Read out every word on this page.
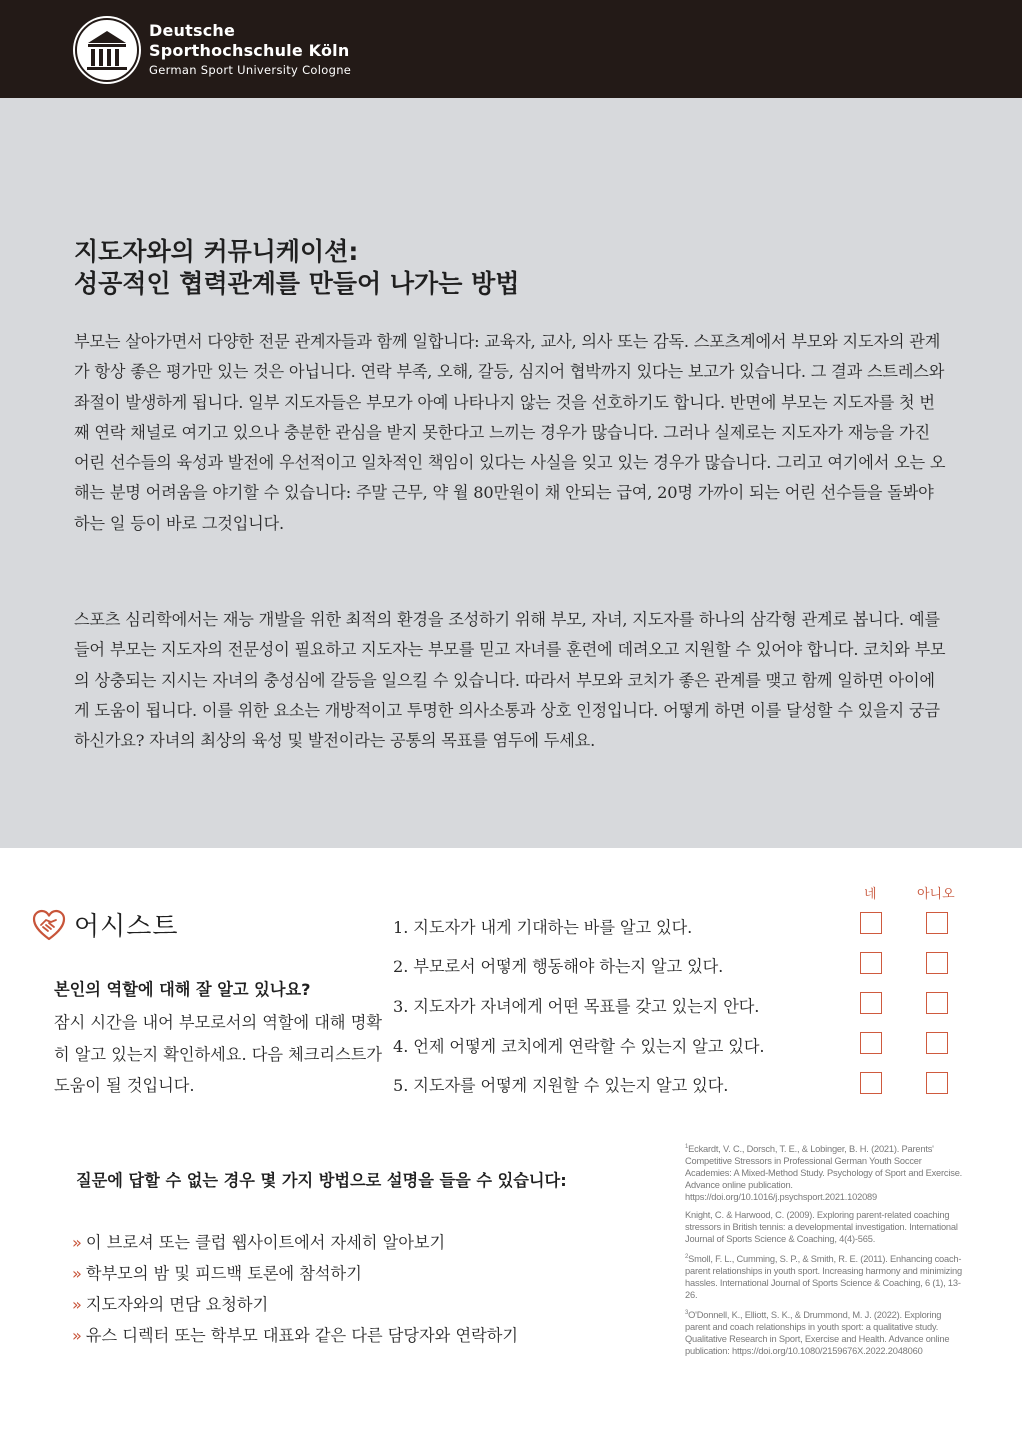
Deutsche
Sporthochschule Köln
German Sport University Cologne
지도자와의 커뮤니케이션:
성공적인 협력관계를 만들어 나가는 방법
부모는 살아가면서 다양한 전문 관계자들과 함께 일합니다: 교육자, 교사, 의사 또는 감독. 스포츠계에서 부모와 지도자의 관계가 항상 좋은 평가만 있는 것은 아닙니다. 연락 부족, 오해, 갈등, 심지어 협박까지 있다는 보고가 있습니다. 그 결과 스트레스와 좌절이 발생하게 됩니다. 일부 지도자들은 부모가 아예 나타나지 않는 것을 선호하기도 합니다. 반면에 부모는 지도자를 첫 번째 연락 채널로 여기고 있으나 충분한 관심을 받지 못한다고 느끼는 경우가 많습니다. 그러나 실제로는 지도자가 재능을 가진 어린 선수들의 육성과 발전에 우선적이고 일차적인 책임이 있다는 사실을 잊고 있는 경우가 많습니다. 그리고 여기에서 오는 오해는 분명 어려움을 야기할 수 있습니다: 주말 근무, 약 월 80만원이 채 안되는 급여, 20명 가까이 되는 어린 선수들을 돌봐야 하는 일 등이 바로 그것입니다.
스포츠 심리학에서는 재능 개발을 위한 최적의 환경을 조성하기 위해 부모, 자녀, 지도자를 하나의 삼각형 관계로 봅니다. 예를 들어 부모는 지도자의 전문성이 필요하고 지도자는 부모를 믿고 자녀를 훈련에 데려오고 지원할 수 있어야 합니다. 코치와 부모의 상충되는 지시는 자녀의 충성심에 갈등을 일으킬 수 있습니다. 따라서 부모와 코치가 좋은 관계를 맺고 함께 일하면 아이에게 도움이 됩니다. 이를 위한 요소는 개방적이고 투명한 의사소통과 상호 인정입니다. 어떻게 하면 이를 달성할 수 있을지 궁금하신가요? 자녀의 최상의 육성 및 발전이라는 공통의 목표를 염두에 두세요.
어시스트
본인의 역할에 대해 잘 알고 있나요?
잠시 시간을 내어 부모로서의 역할에 대해 명확히 알고 있는지 확인하세요. 다음 체크리스트가 도움이 될 것입니다.
네	아니오
1. 지도자가 내게 기대하는 바를 알고 있다.
2. 부모로서 어떻게 행동해야 하는지 알고 있다.
3. 지도자가 자녀에게 어떤 목표를 갖고 있는지 안다.
4. 언제 어떻게 코치에게 연락할 수 있는지 알고 있다.
5. 지도자를 어떻게 지원할 수 있는지 알고 있다.
질문에 답할 수 없는 경우 몇 가지 방법으로 설명을 들을 수 있습니다:
» 이 브로셔 또는 클럽 웹사이트에서 자세히 알아보기
» 학부모의 밤 및 피드백 토론에 참석하기
» 지도자와의 면담 요청하기
» 유스 디렉터 또는 학부모 대표와 같은 다른 담당자와 연락하기

$^1$Eckardt, V. C., Dorsch, T. E., & Lobinger, B. H. (2021). Parents' Competitive Stressors in Professional German Youth Soccer Academies: A Mixed-Method Study. Psychology of Sport and Exercise. Advance online publication. https://doi.org/10.1016/j.psychsport.2021.102089

Knight, C. & Harwood, C. (2009). Exploring parent-related coaching stressors in British tennis: a developmental investigation. International Journal of Sports Science & Coaching, 4(4)-565.

$^2$Smoll, F. L., Cumming, S. P., & Smith, R. E. (2011). Enhancing coach-parent relationships in youth sport. Increasing harmony and minimizing hassles. International Journal of Sports Science & Coaching, 6 (1), 13-26.

$^3$O'Donnell, K., Elliott, S. K., & Drummond, M. J. (2022). Exploring parent and coach relationships in youth sport: a qualitative study. Qualitative Research in Sport, Exercise and Health. Advance online publication: https://doi.org/10.1080/2159676X.2022.2048060
